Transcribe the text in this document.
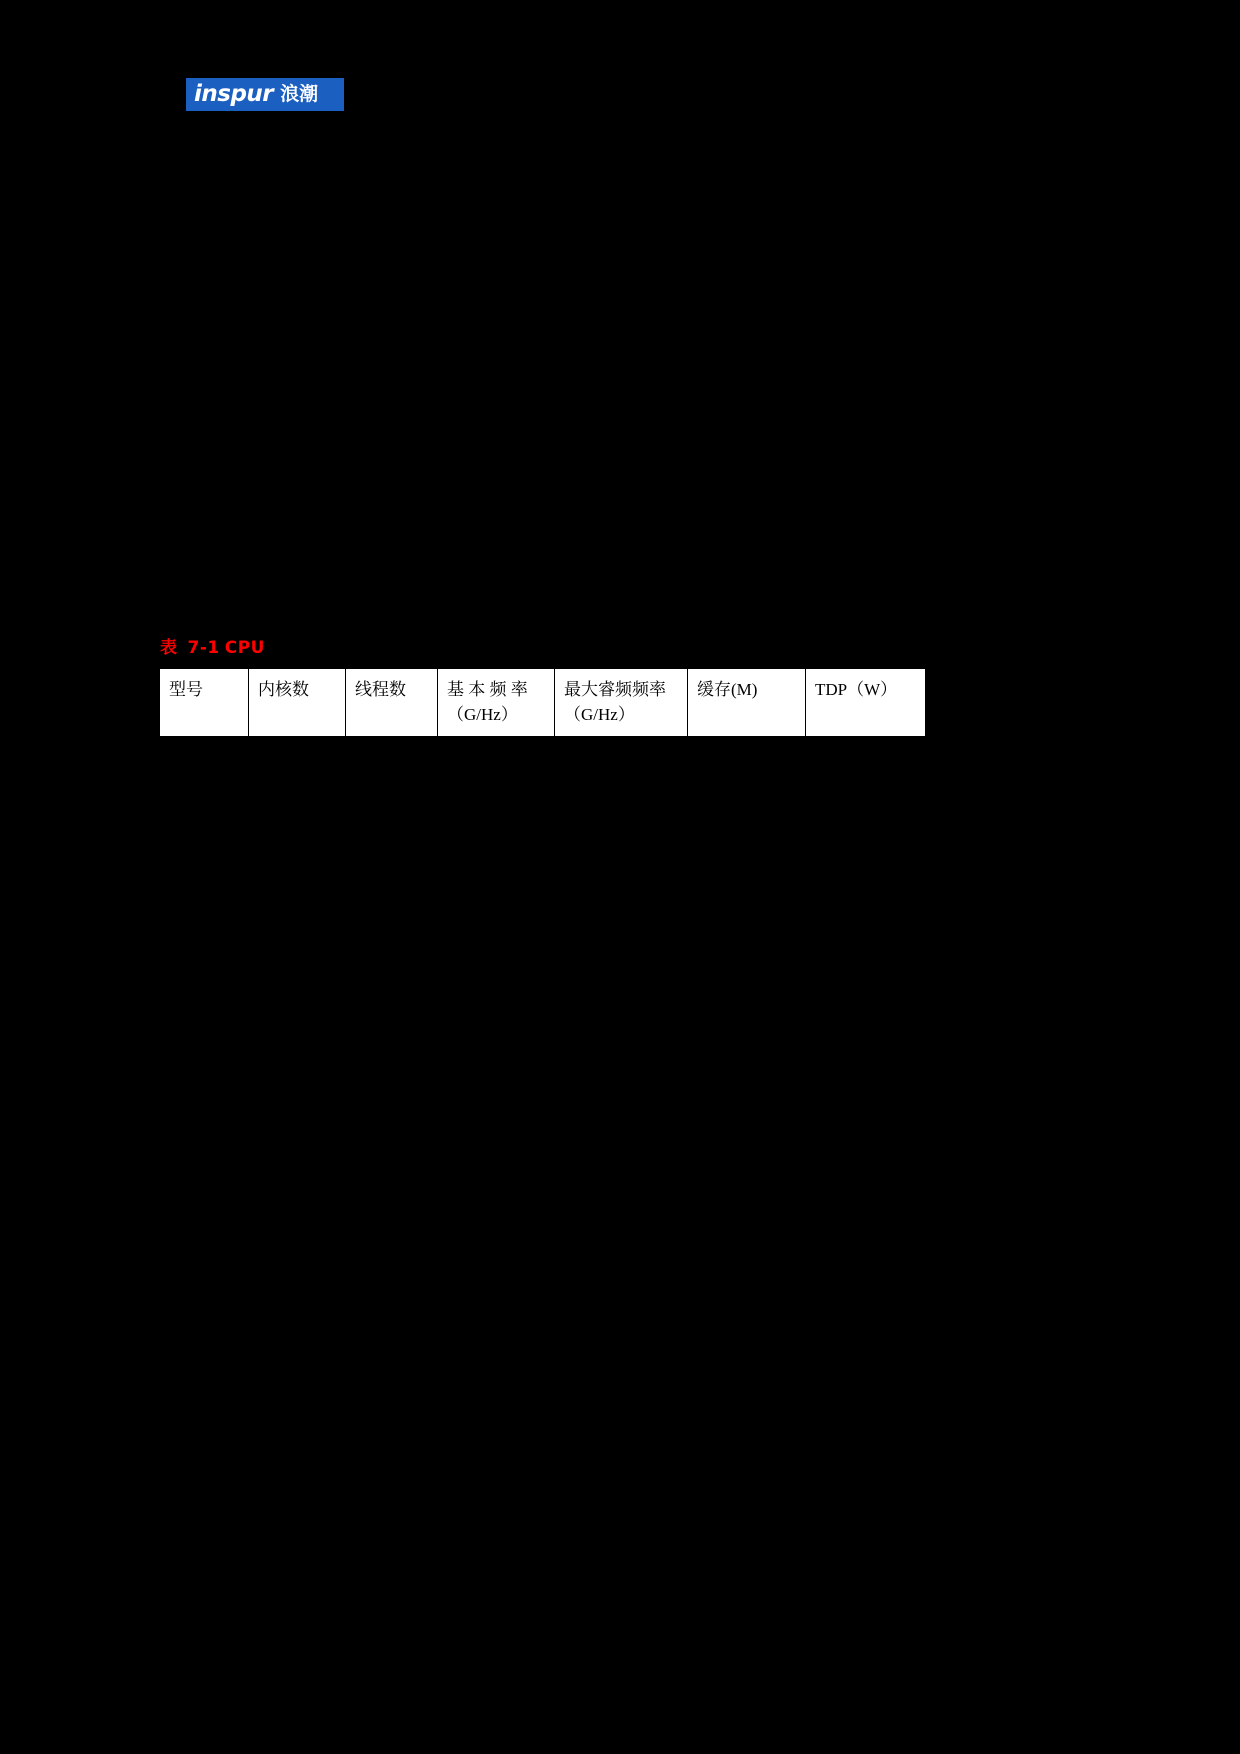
inspur 浪潮
表 7-1 CPU
型号	内核数	线程数	基 本 频 率 （G/Hz）	最大睿频频率 （G/Hz）	缓存(M)	TDP（W）
